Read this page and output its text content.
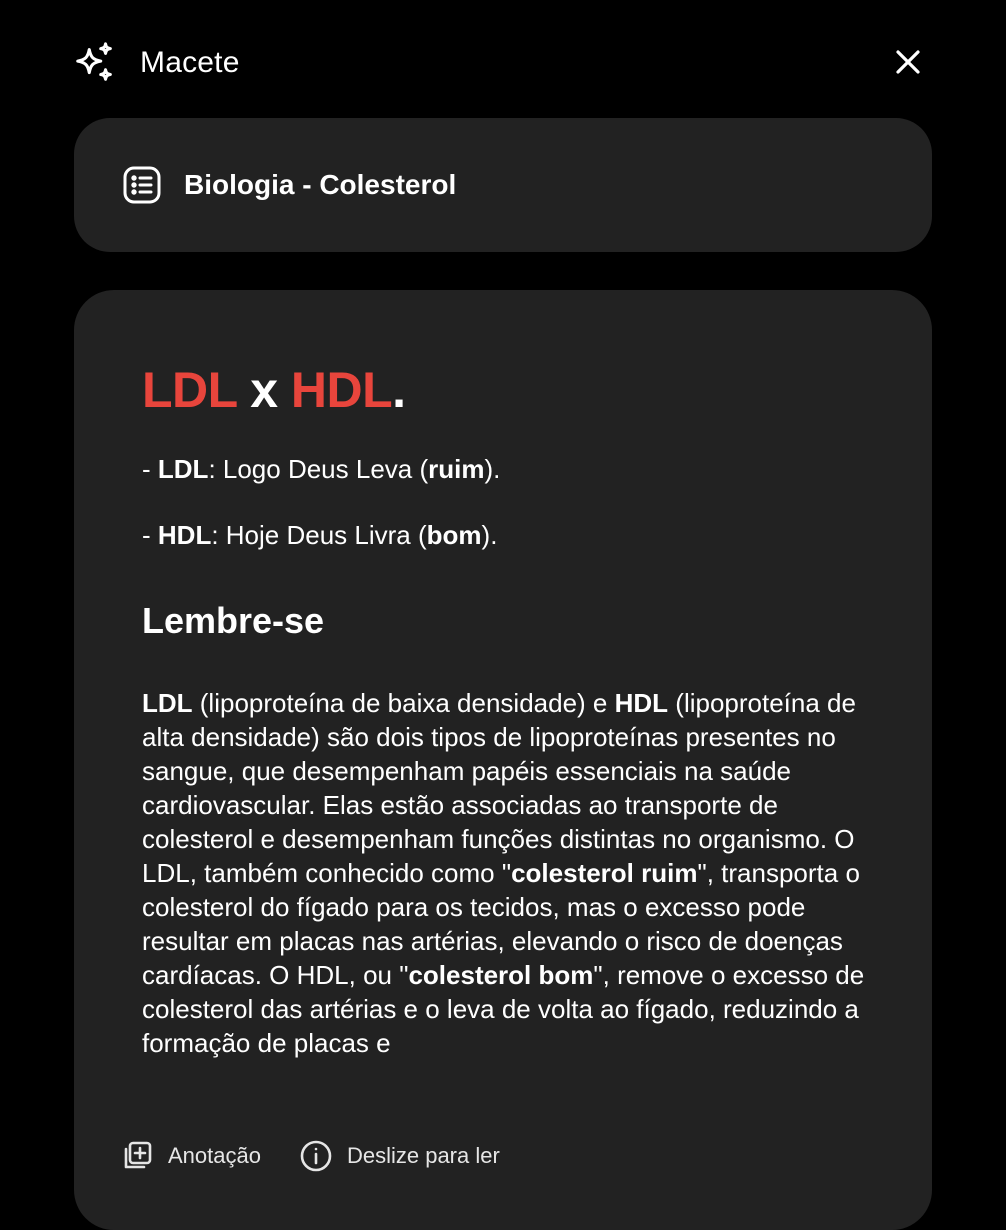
Macete
Biologia - Colesterol
LDL x HDL.

- LDL: Logo Deus Leva (ruim).

- HDL: Hoje Deus Livra (bom).

Lembre-se

LDL (lipoproteína de baixa densidade) e HDL (lipoproteína de alta densidade) são dois tipos de lipoproteínas presentes no sangue, que desempenham papéis essenciais na saúde cardiovascular. Elas estão associadas ao transporte de colesterol e desempenham funções distintas no organismo. O LDL, também conhecido como "colesterol ruim", transporta o colesterol do fígado para os tecidos, mas o excesso pode resultar em placas nas artérias, elevando o risco de doenças cardíacas. O HDL, ou "colesterol bom", remove o excesso de colesterol das artérias e o leva de volta ao fígado, reduzindo a formação de placas e

Anotação	Deslize para ler
